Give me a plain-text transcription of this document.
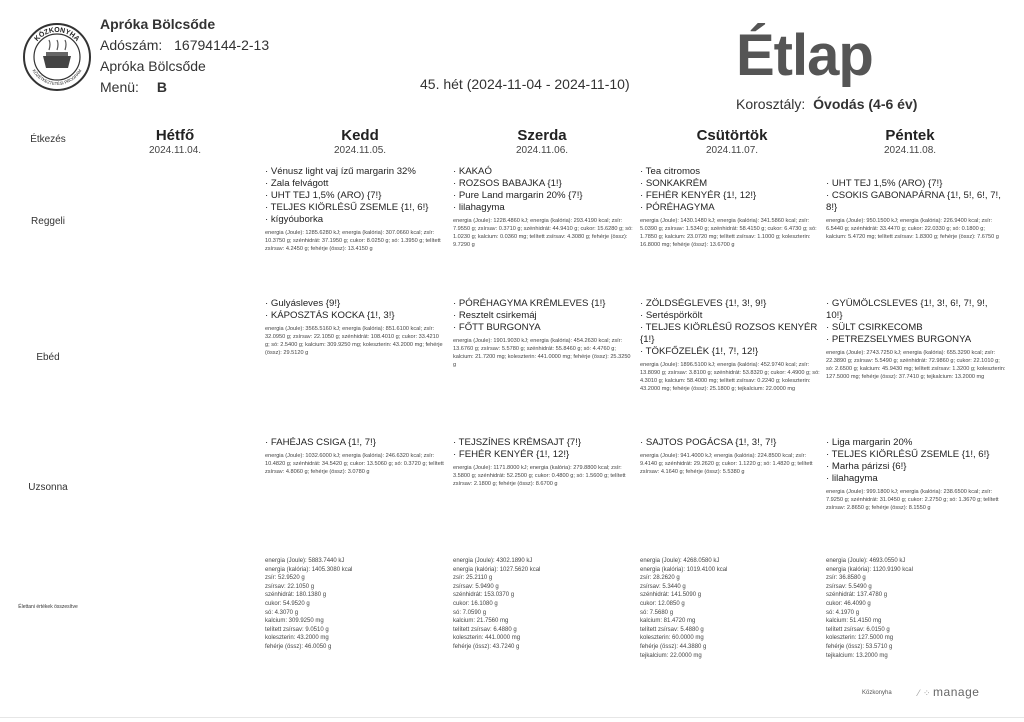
KÖZKONYHA
KÖZÉTKEZTETÉSI PROGRAM
Apróka Bölcsőde
Adószám: 16794144-2-13
Apróka Bölcsőde
Menü: B	45. hét (2024-11-04 - 2024-11-10) Étlap
Korosztály: Óvodás (4-6 év)
Étkezés
Reggeli
Ebéd
Uzsonna
Élettani értékek összesítve
Hétfő
2024.11.04.
Kedd
2024.11.05.
Szerda
2024.11.06.
Csütörtök
2024.11.07.
Péntek
2024.11.08.
· Vénusz light vaj ízű margarin 32%
· Zala felvágott
· UHT TEJ 1,5% (ARO) {7!}
· TELJES KIÖRLÉSŰ ZSEMLE {1!, 6!}
· kígyóuborka
energia (Joule): 1285.6280 kJ; energia (kalória): 307.0660 kcal; zsír: 10.3750 g; szénhidrát: 37.1950 g; cukor: 8.0250 g; só: 1.3950 g; telített zsírsav: 4.2450 g; fehérje (össz): 13.4150 g
· KAKAÓ
· ROZSOS BABAJKA {1!}
· Pure Land margarin 20% {7!}
· lilahagyma
energia (Joule): 1228.4860 kJ; energia (kalória): 293.4190 kcal; zsír: 7.9550 g; zsírsav: 0.3710 g; szénhidrát: 44.9410 g; cukor: 15.6280 g; só: 1.0230 g; kalcium: 0.0360 mg; telített zsírsav: 4.3080 g; fehérje (össz): 9.7290 g
· Tea citromos
· SONKAKRÉM
· FEHÉR KENYÉR {1!, 12!}
· PÓRÉHAGYMA
energia (Joule): 1430.1480 kJ; energia (kalória): 341.5860 kcal; zsír: 5.0390 g; zsírsav: 1.5340 g; szénhidrát: 58.4150 g; cukor: 6.4730 g; só: 1.7850 g; kalcium: 23.0720 mg; telített zsírsav: 1.1000 g; koleszterin: 16.8000 mg; fehérje (össz): 13.6700 g
· UHT TEJ 1,5% (ARO) {7!}
· CSOKIS GABONAPÁRNA {1!, 5!, 6!, 7!, 8!}
energia (Joule): 950.1500 kJ; energia (kalória): 226.9400 kcal; zsír: 6.5440 g; szénhidrát: 33.4470 g; cukor: 22.0330 g; só: 0.1800 g; kalcium: 5.4720 mg; telített zsírsav: 1.8300 g; fehérje (össz): 7.6750 g
· Gulyásleves {9!}
· KÁPOSZTÁS KOCKA {1!, 3!}
energia (Joule): 3565.5160 kJ; energia (kalória): 851.6100 kcal; zsír: 32.0950 g; zsírsav: 22.1050 g; szénhidrát: 108.4010 g; cukor: 33.4210 g; só: 2.5400 g; kalcium: 309.9250 mg; koleszterin: 43.2000 mg; fehérje (össz): 29.5120 g
· PÓRÉHAGYMA KRÉMLEVES {1!}
· Resztelt csirkemáj
· FŐTT BURGONYA
energia (Joule): 1901.9030 kJ; energia (kalória): 454.2630 kcal; zsír: 13.6760 g; zsírsav: 5.5780 g; szénhidrát: 55.8460 g; só: 4.4760 g; kalcium: 21.7200 mg; koleszterin: 441.0000 mg; fehérje (össz): 25.3250 g
· ZÖLDSÉGLEVES {1!, 3!, 9!}
· Sertéspörkölt
· TELJES KIÖRLÉSŰ ROZSOS KENYÉR {1!}
· TÖKFŐZELÉK {1!, 7!, 12!}
energia (Joule): 1896.5100 kJ; energia (kalória): 452.9740 kcal; zsír: 13.8090 g; zsírsav: 3.8100 g; szénhidrát: 53.8320 g; cukor: 4.4900 g; só: 4.3010 g; kalcium: 58.4000 mg; telített zsírsav: 0.2240 g; koleszterin: 43.2000 mg; fehérje (össz): 25.1800 g; tejkalcium: 22.0000 mg
· GYÜMÖLCSLEVES {1!, 3!, 6!, 7!, 9!, 10!}
· SÜLT CSIRKECOMB
· PETREZSELYMES BURGONYA
energia (Joule): 2743.7250 kJ; energia (kalória): 655.3290 kcal; zsír: 22.3890 g; zsírsav: 5.5490 g; szénhidrát: 72.9860 g; cukor: 22.1010 g; só: 2.6500 g; kalcium: 45.9430 mg; telített zsírsav: 1.3200 g; koleszterin: 127.5000 mg; fehérje (össz): 37.7410 g; tejkalcium: 13.2000 mg
· FAHÉJAS CSIGA {1!, 7!}
energia (Joule): 1032.6000 kJ; energia (kalória): 246.6320 kcal; zsír: 10.4820 g; szénhidrát: 34.5420 g; cukor: 13.5060 g; só: 0.3720 g; telített zsírsav: 4.8060 g; fehérje (össz): 3.0780 g
· TEJSZÍNES KRÉMSAJT {7!}
· FEHÉR KENYÉR {1!, 12!}
energia (Joule): 1171.8000 kJ; energia (kalória): 279.8800 kcal; zsír: 3.5800 g; szénhidrát: 52.2500 g; cukor: 0.4800 g; só: 1.5600 g; telített zsírsav: 2.1800 g; fehérje (össz): 8.6700 g
· SAJTOS POGÁCSA {1!, 3!, 7!}
energia (Joule): 941.4000 kJ; energia (kalória): 224.8500 kcal; zsír: 9.4140 g; szénhidrát: 29.2620 g; cukor: 1.1220 g; só: 1.4820 g; telített zsírsav: 4.1640 g; fehérje (össz): 5.5380 g
· Liga margarin 20%
· TELJES KIÖRLÉSŰ ZSEMLE {1!, 6!}
· Marha párizsi {6!}
· lilahagyma
energia (Joule): 999.1800 kJ; energia (kalória): 238.6500 kcal; zsír: 7.9250 g; szénhidrát: 31.0450 g; cukor: 2.2750 g; só: 1.3670 g; telített zsírsav: 2.8650 g; fehérje (össz): 8.1550 g
energia (Joule): 5883.7440 kJ
energia (kalória): 1405.3080 kcal
zsír: 52.9520 g
zsírsav: 22.1050 g
szénhidrát: 180.1380 g
cukor: 54.9520 g
só: 4.3070 g
kalcium: 309.9250 mg
telített zsírsav: 9.0510 g
koleszterin: 43.2000 mg
fehérje (össz): 46.0050 g
energia (Joule): 4302.1890 kJ
energia (kalória): 1027.5620 kcal
zsír: 25.2110 g
zsírsav: 5.9490 g
szénhidrát: 153.0370 g
cukor: 16.1080 g
só: 7.0590 g
kalcium: 21.7560 mg
telített zsírsav: 6.4880 g
koleszterin: 441.0000 mg
fehérje (össz): 43.7240 g
energia (Joule): 4268.0580 kJ
energia (kalória): 1019.4100 kcal
zsír: 28.2620 g
zsírsav: 5.3440 g
szénhidrát: 141.5090 g
cukor: 12.0850 g
só: 7.5680 g
kalcium: 81.4720 mg
telített zsírsav: 5.4880 g
koleszterin: 60.0000 mg
fehérje (össz): 44.3880 g
tejkalcium: 22.0000 mg
energia (Joule): 4693.0550 kJ
energia (kalória): 1120.9190 kcal
zsír: 36.8580 g
zsírsav: 5.5490 g
szénhidrát: 137.4780 g
cukor: 46.4090 g
só: 4.1970 g
kalcium: 51.4150 mg
telített zsírsav: 6.0150 g
koleszterin: 127.5000 mg
fehérje (össz): 53.5710 g
tejkalcium: 13.2000 mg
Közkonyha	⁄ ⁘ manage
